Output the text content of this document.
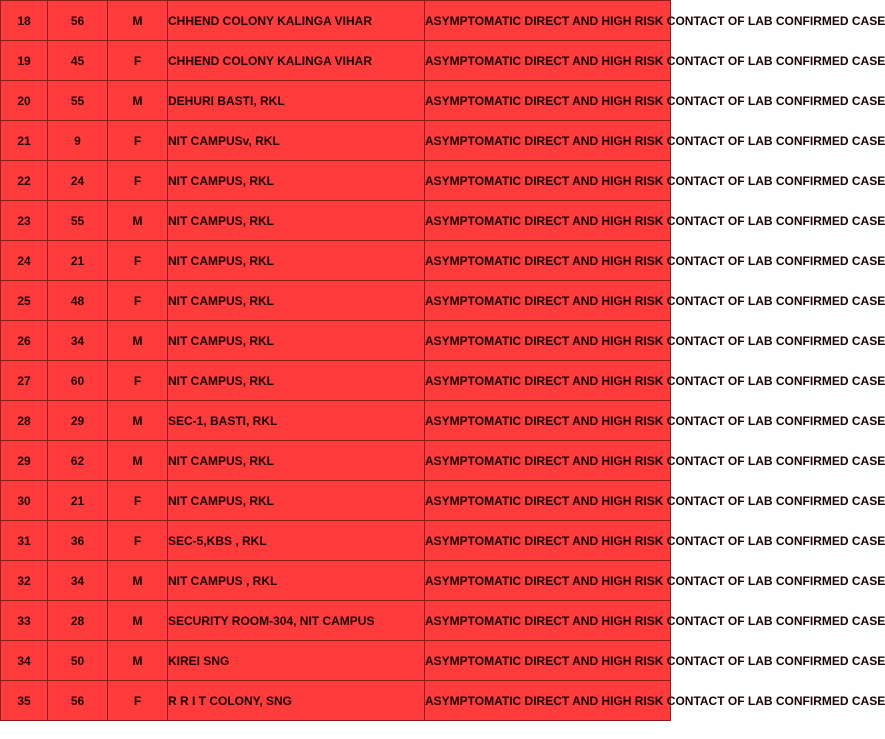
18	56	M	CHHEND COLONY KALINGA VIHAR	ASYMPTOMATIC DIRECT AND HIGH RISK CONTACT OF LAB CONFIRMED CASE
19	45	F	CHHEND COLONY KALINGA VIHAR	ASYMPTOMATIC DIRECT AND HIGH RISK CONTACT OF LAB CONFIRMED CASE
20	55	M	DEHURI BASTI, RKL	ASYMPTOMATIC DIRECT AND HIGH RISK CONTACT OF LAB CONFIRMED CASE
21	9	F	NIT CAMPUSv, RKL	ASYMPTOMATIC DIRECT AND HIGH RISK CONTACT OF LAB CONFIRMED CASE
22	24	F	NIT CAMPUS, RKL	ASYMPTOMATIC DIRECT AND HIGH RISK CONTACT OF LAB CONFIRMED CASE
23	55	M	NIT CAMPUS, RKL	ASYMPTOMATIC DIRECT AND HIGH RISK CONTACT OF LAB CONFIRMED CASE
24	21	F	NIT CAMPUS, RKL	ASYMPTOMATIC DIRECT AND HIGH RISK CONTACT OF LAB CONFIRMED CASE
25	48	F	NIT CAMPUS, RKL	ASYMPTOMATIC DIRECT AND HIGH RISK CONTACT OF LAB CONFIRMED CASE
26	34	M	NIT CAMPUS, RKL	ASYMPTOMATIC DIRECT AND HIGH RISK CONTACT OF LAB CONFIRMED CASE
27	60	F	NIT CAMPUS, RKL	ASYMPTOMATIC DIRECT AND HIGH RISK CONTACT OF LAB CONFIRMED CASE
28	29	M	SEC-1, BASTI, RKL	ASYMPTOMATIC DIRECT AND HIGH RISK CONTACT OF LAB CONFIRMED CASE
29	62	M	NIT CAMPUS, RKL	ASYMPTOMATIC DIRECT AND HIGH RISK CONTACT OF LAB CONFIRMED CASE
30	21	F	NIT CAMPUS, RKL	ASYMPTOMATIC DIRECT AND HIGH RISK CONTACT OF LAB CONFIRMED CASE
31	36	F	SEC-5,KBS , RKL	ASYMPTOMATIC DIRECT AND HIGH RISK CONTACT OF LAB CONFIRMED CASE
32	34	M	NIT CAMPUS , RKL	ASYMPTOMATIC DIRECT AND HIGH RISK CONTACT OF LAB CONFIRMED CASE
33	28	M	SECURITY ROOM-304, NIT CAMPUS	ASYMPTOMATIC DIRECT AND HIGH RISK CONTACT OF LAB CONFIRMED CASE
34	50	M	KIREI SNG	ASYMPTOMATIC DIRECT AND HIGH RISK CONTACT OF LAB CONFIRMED CASE
35	56	F	R R I T COLONY, SNG	ASYMPTOMATIC DIRECT AND HIGH RISK CONTACT OF LAB CONFIRMED CASE
